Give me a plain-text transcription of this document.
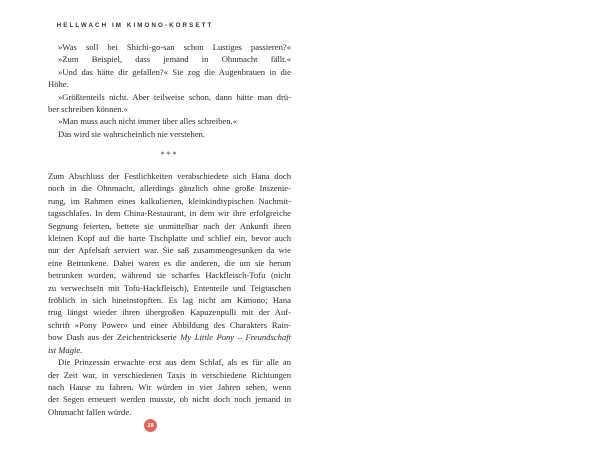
HELLWACH IM KIMONO-KORSETT

»Was soll bei Shichi-go-san schon Lustiges passieren?«

»Zum Beispiel, dass jemand in Ohnmacht fällt.«

»Und das hätte dir gefallen?« Sie zog die Augenbrauen in die

Höhe.

»Größtenteils nicht. Aber teilweise schon, dann hätte man drü-

ber schreiben können.«

»Man muss auch nicht immer über alles schreiben.«

Das wird sie wahrscheinlich nie verstehen.

***

Zum Abschluss der Festlichkeiten verabschiedete sich Hana doch

noch in die Ohnmacht, allerdings gänzlich ohne große Inszenie-

rung, im Rahmen eines kalkulierten, kleinkindtypischen Nachmit-

tagsschlafes. In dem China-Restaurant, in dem wir ihre erfolgreiche

Segnung feierten, bettete sie unmittelbar nach der Ankunft ihren

kleinen Kopf auf die harte Tischplatte und schlief ein, bevor auch

nur der Apfelsaft serviert war. Sie saß zusammengesunken da wie

eine Betrunkene. Dabei waren es die anderen, die um sie herum

betrunken wurden, während sie scharfes Hackfleisch-Tofu (nicht

zu verwechseln mit Tofu-Hackfleisch), Ententeile und Teigtaschen

fröhlich in sich hineinstopften. Es lag nicht am Kimono; Hana

trug längst wieder ihren übergroßen Kapuzenpulli mit der Auf-

schrift »Pony Power« und einer Abbildung des Charakters Rain-

bow Dash aus der Zeichentrickserie My Little Pony – Freundschaft

ist Magie.

Die Prinzessin erwachte erst aus dem Schlaf, als es für alle an

der Zeit war, in verschiedenen Taxis in verschiedene Richtungen

nach Hause zu fahren. Wir würden in vier Jahren sehen, wenn

der Segen erneuert werden musste, ob nicht doch noch jemand in

Ohnmacht fallen würde.

18
